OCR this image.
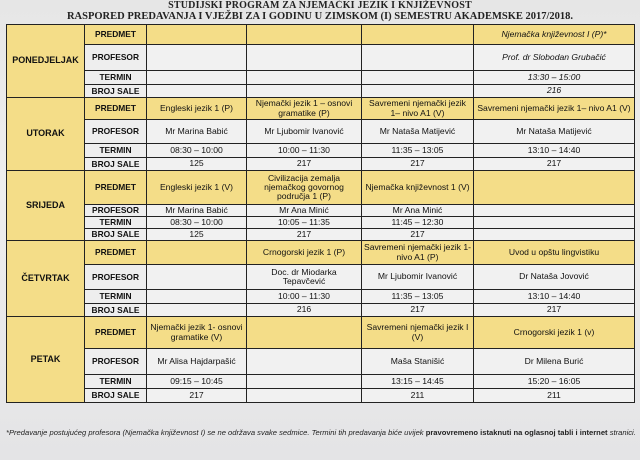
STUDIJSKI PROGRAM ZA NJEMAČKI JEZIK I KNJIŽEVNOST
RASPORED PREDAVANJA I VJEŽBI ZA I GODINU U ZIMSKOM (I) SEMESTRU AKADEMSKE 2017/2018.
PONEDJELJAK	PREDMET				Njemačka književnost I (P)*
	PROFESOR				Prof. dr Slobodan Grubačić
	TERMIN				13:30 – 15:00
	BROJ SALE				216
UTORAK	PREDMET	Engleski jezik 1 (P)	Njemački jezik 1 – osnovi gramatike (P)	Savremeni njemački jezik 1– nivo A1 (V)	Savremeni njemački jezik 1– nivo A1 (V)
	PROFESOR	Mr Marina Babić	Mr Ljubomir Ivanović	Mr Nataša Matijević	Mr Nataša Matijević
	TERMIN	08:30 – 10:00	10:00 – 11:30	11:35 – 13:05	13:10 – 14:40
	BROJ SALE	125	217	217	217
SRIJEDA	PREDMET	Engleski jezik 1 (V)	Civilizacija zemalja njemačkog govornog područja 1 (P)	Njemačka književnost 1 (V)	
	PROFESOR	Mr Marina Babić	Mr Ana Minić	Mr Ana Minić	
	TERMIN	08:30 – 10:00	10:05 – 11:35	11:45 – 12:30	
	BROJ SALE	125	217	217	
ČETVRTAK	PREDMET		Crnogorski jezik 1 (P)	Savremeni njemački jezik 1- nivo A1 (P)	Uvod u opštu lingvistiku
	PROFESOR		Doc. dr Miodarka Tepavčević	Mr Ljubomir Ivanović	Dr Nataša Jovović
	TERMIN		10:00 – 11:30	11:35 – 13:05	13:10 – 14:40
	BROJ SALE		216	217	217
PETAK	PREDMET	Njemački jezik 1- osnovi gramatike (V)		Savremeni njemački jezik I (V)	Crnogorski jezik 1 (v)
	PROFESOR	Mr Alisa Hajdarpašić		Maša Stanišić	Dr Milena Burić
	TERMIN	09:15 – 10:45		13:15 – 14:45	15:20 – 16:05
	BROJ SALE	217		211	211
*Predavanje postujućeg profesora (Njemačka književnost I) se ne održava svake sedmice. Termini tih predavanja biće uvijek pravovremeno istaknuti na oglasnoj tabli i internet stranici.
